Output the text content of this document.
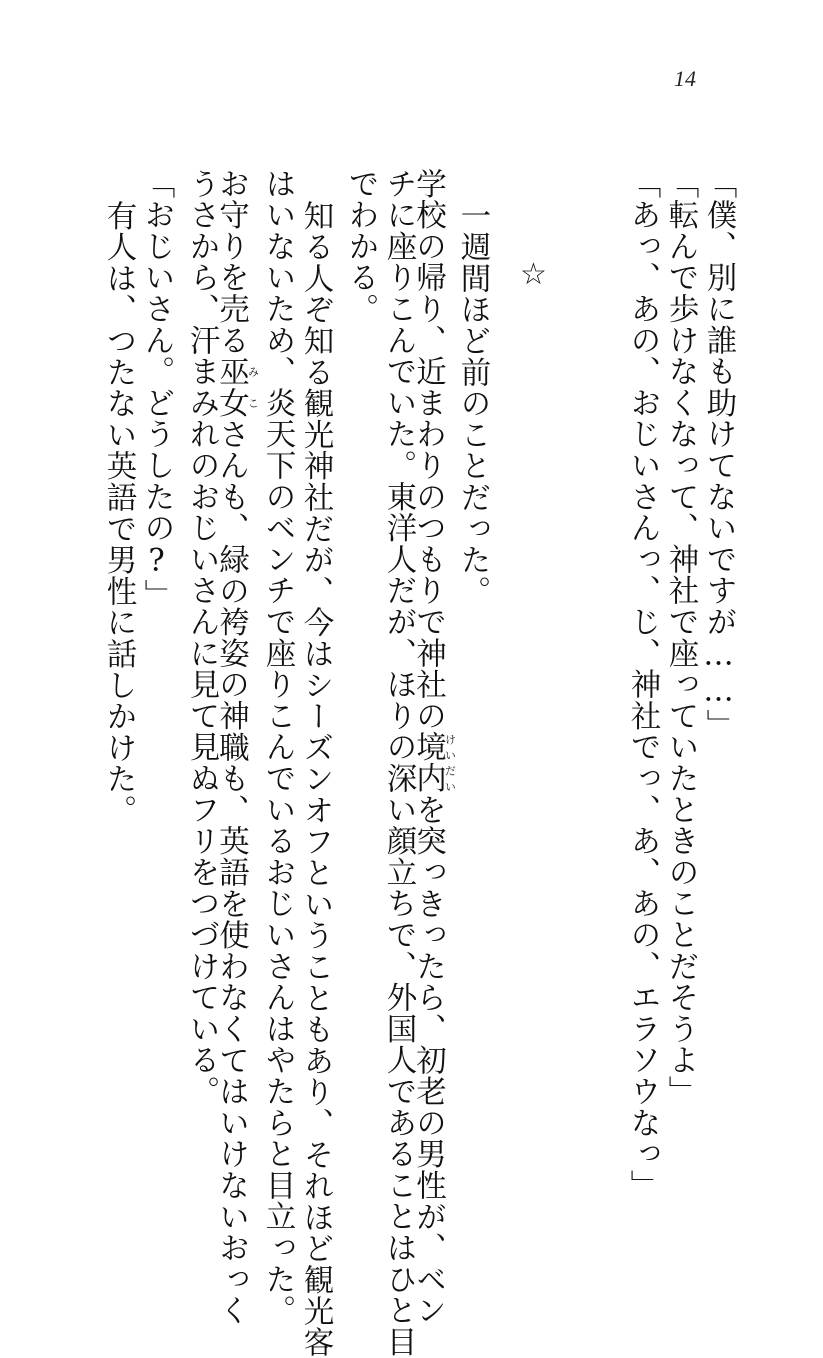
14
「あっ、あの、おじいさんっ、じ、神社でっ、あ、あの、エラソウなっ」 「転んで歩けなくなって、神社で座っていたときのことだそうよ」 「僕、別に誰も助けてないですが……」
☆
一週間ほど前のことだった。
学校の帰り、近まわりのつもりで神社の境内けいだいを突っきったら、初老の男性が、ベン
チに座りこんでいた。東洋人だが、ほりの深い顔立ちで、外国人であることはひと目
でわかる。
知る人ぞ知る観光神社だが、今はシーズンオフということもあり、それほど観光客
はいないため、炎天下のベンチで座りこんでいるおじいさんはやたらと目立った。
お守りを売る巫女みこさんも、緑の袴姿の神職も、英語を使わなくてはいけないおっく
うさから、汗まみれのおじいさんに見て見ぬフリをつづけている。
「おじいさん。どうしたの?」
有人は、つたない英語で男性に話しかけた。
